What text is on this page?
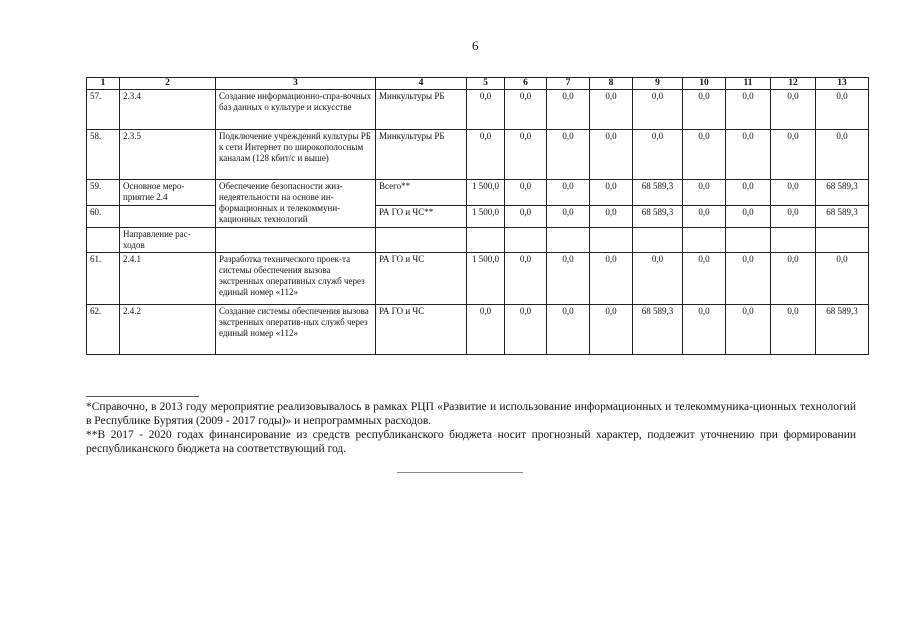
6
1	2	3	4	5	6	7	8	9	10	11	12	13
57.	2.3.4	Создание информационно-спра-вочных баз данных о культуре и искусстве	Минкультуры РБ	0,0	0,0	0,0	0,0	0,0	0,0	0,0	0,0	0,0
58.	2.3.5	Подключение учреждений культуры РБ к сети Интернет по широкополосным каналам (128 кбит/с и выше)	Минкультуры РБ	0,0	0,0	0,0	0,0	0,0	0,0	0,0	0,0	0,0
59.	Основное меро-приятие 2.4	Обеспечение безопасности жиз-недеятельности на основе ин-формационных и телекоммуни-кационных технологий	Всего**	1 500,0	0,0	0,0	0,0	68 589,3	0,0	0,0	0,0	68 589,3
60.			РА ГО и ЧС**	1 500,0	0,0	0,0	0,0	68 589,3	0,0	0,0	0,0	68 589,3
	Направление рас-ходов											
61.	2.4.1	Разработка технического проек-та системы обеспечения вызова экстренных оперативных служб через единый номер «112»	РА ГО и ЧС	1 500,0	0,0	0,0	0,0	0,0	0,0	0,0	0,0	0,0
62.	2.4.2	Создание системы обеспечения вызова экстренных оператив-ных служб через единый номер «112»	РА ГО и ЧС	0,0	0,0	0,0	0,0	68 589,3	0,0	0,0	0,0	68 589,3

*Справочно, в 2013 году мероприятие реализовывалось в рамках РЦП «Развитие и использование информационных и телекоммуника-ционных технологий в Республике Бурятия (2009 - 2017 годы)» и непрограммных расходов.

**В 2017 - 2020 годах финансирование из средств республиканского бюджета носит прогнозный характер, подлежит уточнению при формировании республиканского бюджета на соответствующий год.
